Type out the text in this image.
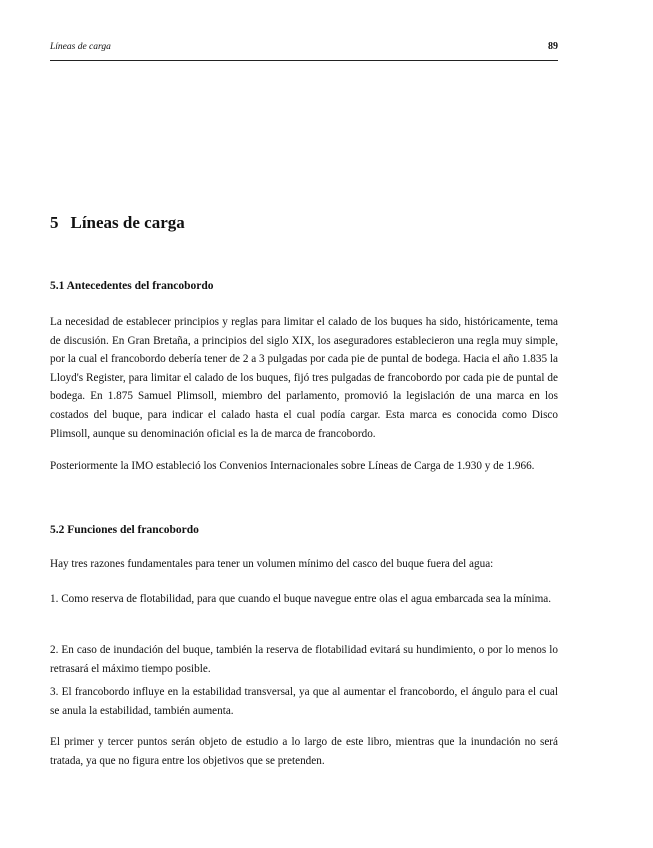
Líneas de carga	89
5 Líneas de carga
5.1 Antecedentes del francobordo

La necesidad de establecer principios y reglas para limitar el calado de los buques ha sido, históricamente, tema de discusión. En Gran Bretaña, a principios del siglo XIX, los aseguradores establecieron una regla muy simple, por la cual el francobordo debería tener de 2 a 3 pulgadas por cada pie de puntal de bodega. Hacia el año 1.835 la Lloyd's Register, para limitar el calado de los buques, fijó tres pulgadas de francobordo por cada pie de puntal de bodega. En 1.875 Samuel Plimsoll, miembro del parlamento, promovió la legislación de una marca en los costados del buque, para indicar el calado hasta el cual podía cargar. Esta marca es conocida como Disco Plimsoll, aunque su denominación oficial es la de marca de francobordo.

Posteriormente la IMO estableció los Convenios Internacionales sobre Líneas de Carga de 1.930 y de 1.966.

5.2 Funciones del francobordo

Hay tres razones fundamentales para tener un volumen mínimo del casco del buque fuera del agua:

1. Como reserva de flotabilidad, para que cuando el buque navegue entre olas el agua embarcada sea la mínima.

2. En caso de inundación del buque, también la reserva de flotabilidad evitará su hundimiento, o por lo menos lo retrasará el máximo tiempo posible.

3. El francobordo influye en la estabilidad transversal, ya que al aumentar el francobordo, el ángulo para el cual se anula la estabilidad, también aumenta.

El primer y tercer puntos serán objeto de estudio a lo largo de este libro, mientras que la inundación no será tratada, ya que no figura entre los objetivos que se pretenden.
